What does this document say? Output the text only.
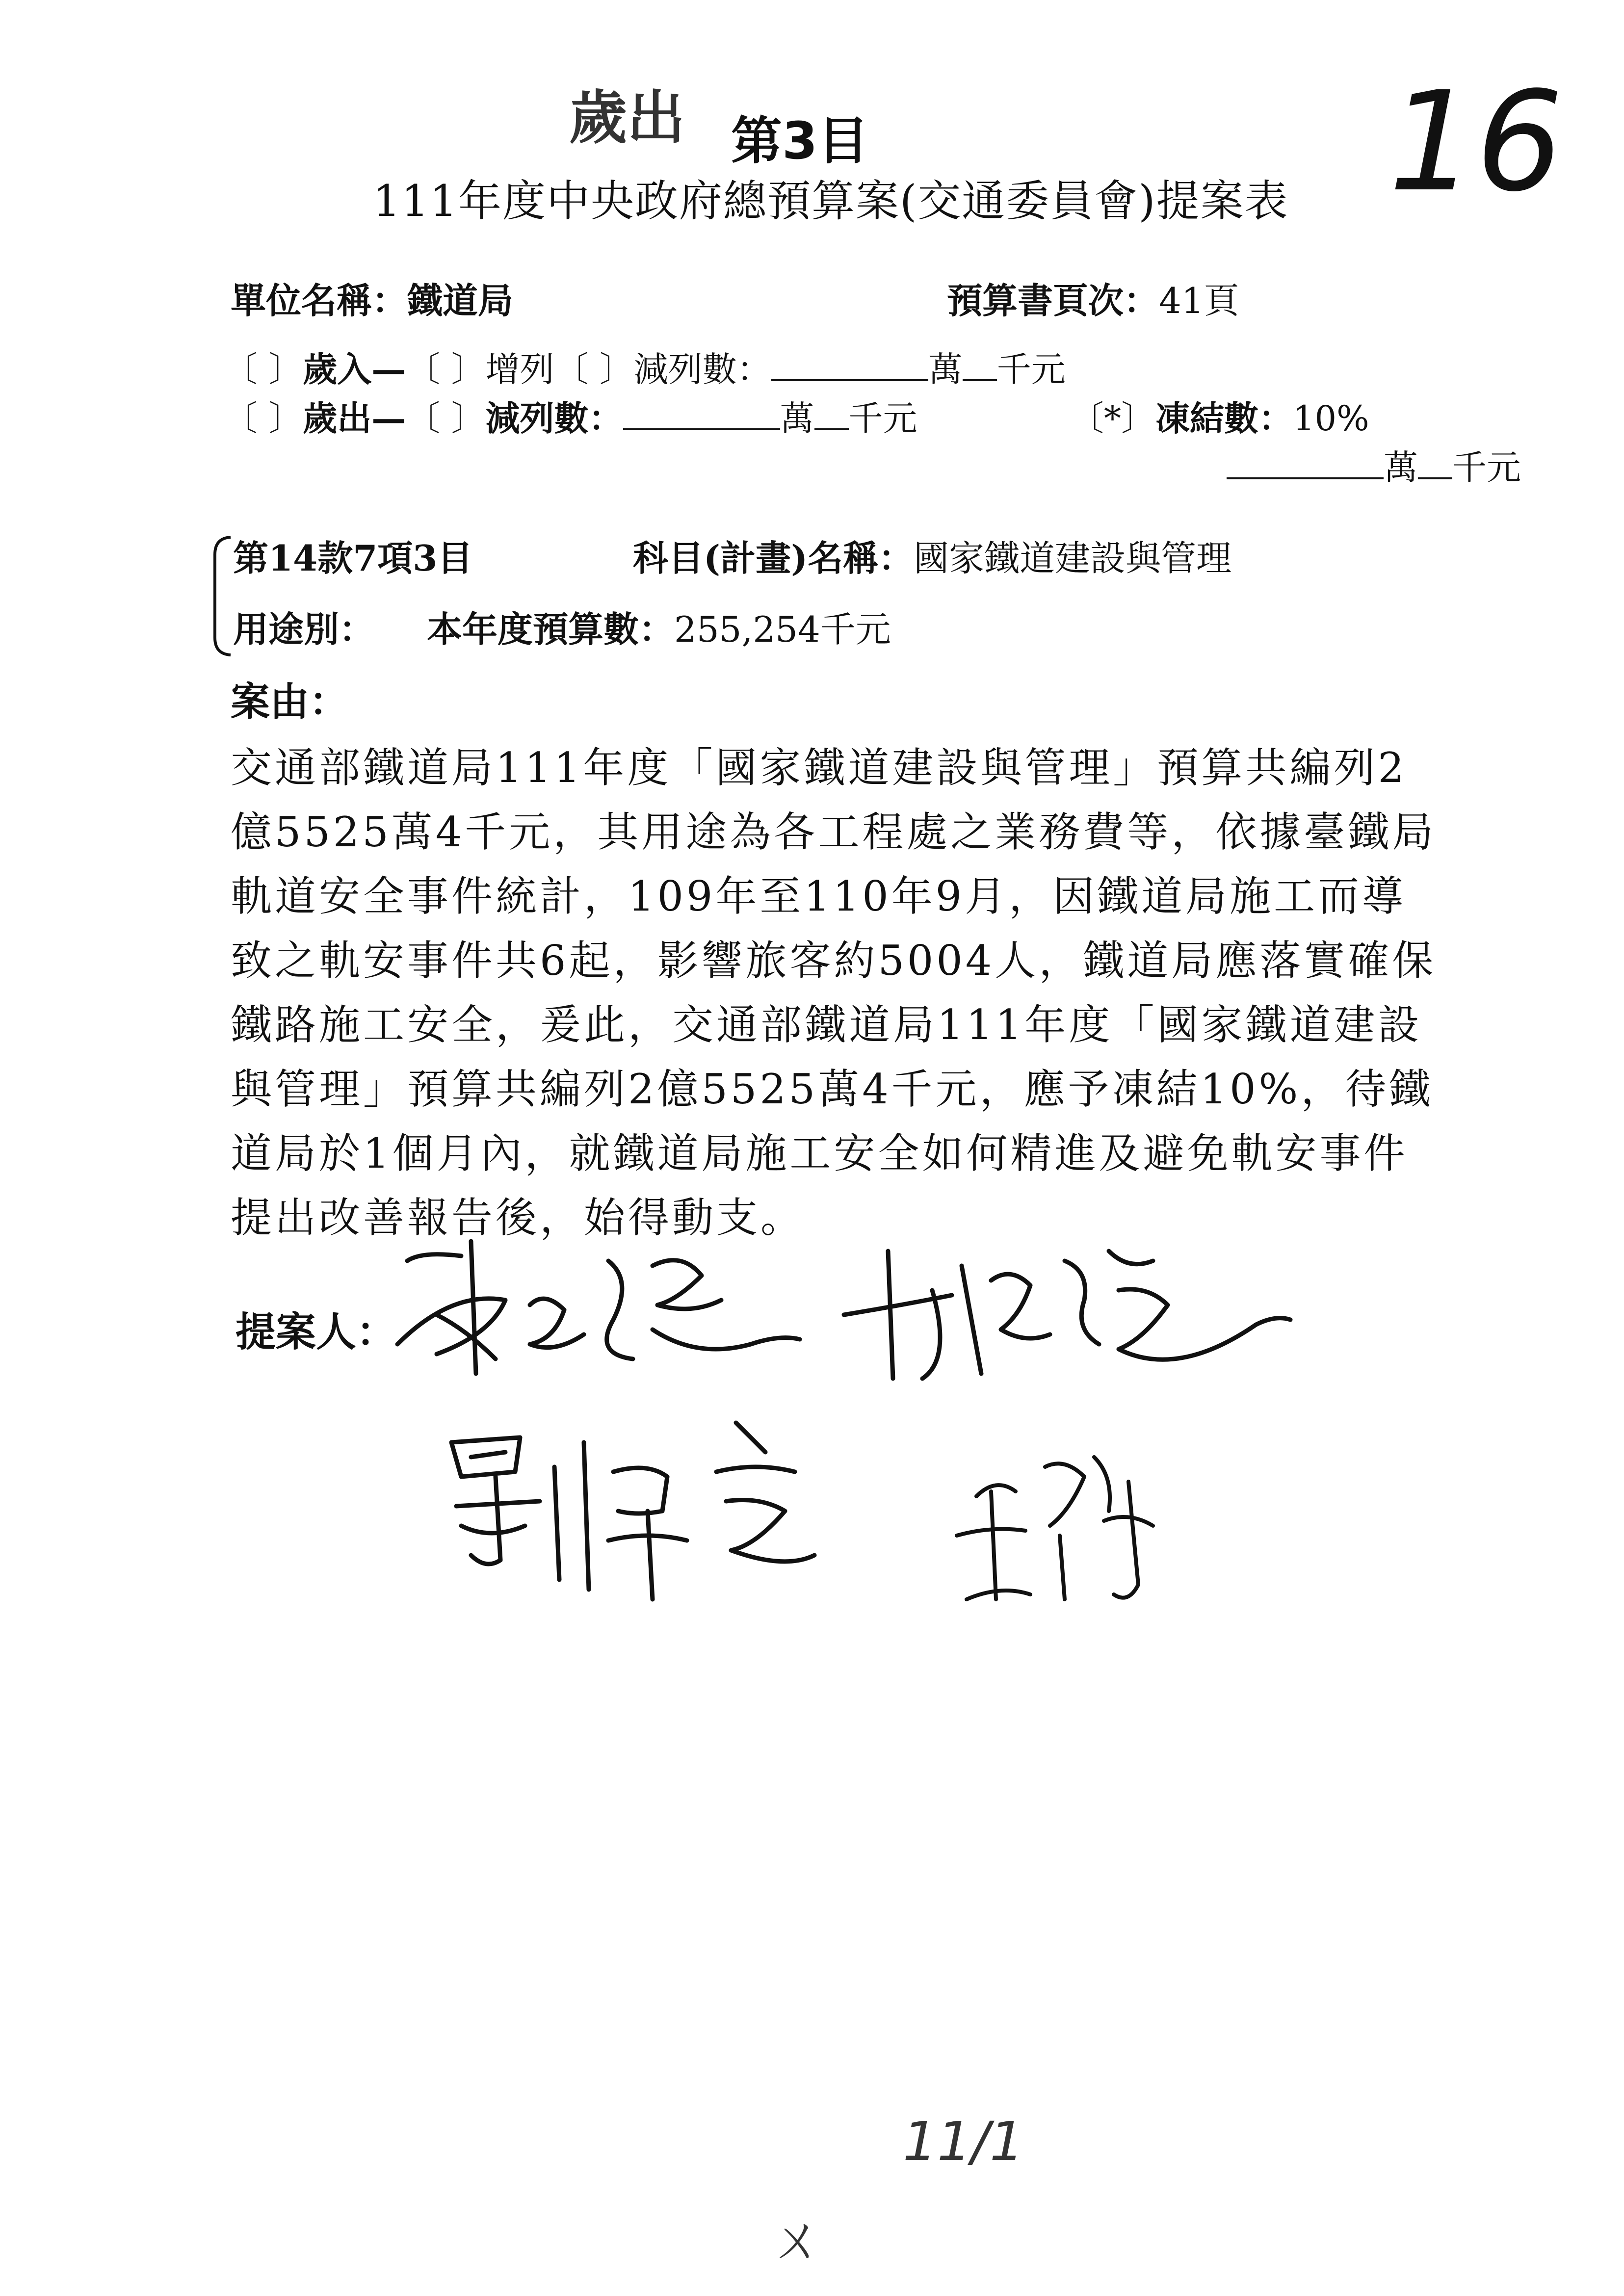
歲出 第3目	16
111年度中央政府總預算案(交通委員會)提案表
單位名稱：鐵道局	預算書頁次：41頁
〔 〕歲入—〔 〕增列〔 〕減列數：	萬 千元
〔 〕歲出—〔 〕減列數：	萬 千元	〔*〕凍結數：10%
萬 千元
第14款7項3目	科目(計畫)名稱：國家鐵道建設與管理
用途別： 本年度預算數：255,254千元
案由：

交通部鐵道局111年度「國家鐵道建設與管理」預算共編列2億5525萬4千元，其用途為各工程處之業務費等，依據臺鐵局軌道安全事件統計，109年至110年9月，因鐵道局施工而導致之軌安事件共6起，影響旅客約5004人，鐵道局應落實確保鐵路施工安全，爰此，交通部鐵道局111年度「國家鐵道建設與管理」預算共編列2億5525萬4千元，應予凍結10%，待鐵道局於1個月內，就鐵道局施工安全如何精進及避免軌安事件提出改善報告後，始得動支。

提案人：
11/1
ㄨ
